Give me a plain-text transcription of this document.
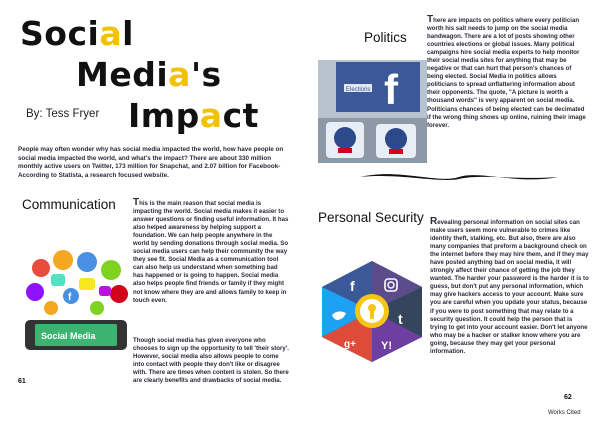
Social
Media's
Impact
By: Tess Fryer

People may often wonder why has social media impacted the world, how have people on social media impacted the world, and what's the impact? There are about 330 million monthly active users on Twitter, 173 million for Snapchat, and 2.07 billion for Facebook- According to Statista, a research focused website.

Communication This is the main reason that social media is impacting the world. Social media makes it easier to answer questions or finding useful information. It has also helped awareness by helping support a foundation. We can help people anywhere in the world by sending donations through social media. So social media users can help their community the way they see fit. Social Media as a communication tool can also help us understand when something bad has happened or is going to happen. Social media also helps people find friends or family if they might not know where they are and allows family to keep in touch even.

Though social media has given everyone who chooses to sign up the opportunity to tell 'their story'. However, social media also allows people to come into contact with people they don't like or disagree with. There are times when content is stolen. So there are clearly benefits and drawbacks of social media.

f
Social Media
61
Politics
f
Elections

There are impacts on politics where every politician worth his salt needs to jump on the social media bandwagon. There are a lot of posts showing other countries elections or global issues. Many political campaigns hire social media experts to help monitor their social media sites for anything that may be negative or that can hurt that person's chances of being elected. Social Media in politics allows politicians to spread unflattering information about their opponents. The quote, "A picture is worth a thousand words" is very apparent on social media. Politicians chances of being elected can be decimated if the wrong thing shows up online, ruining their image forever.

Personal Security
f
t
Y!
g+

Revealing personal information on social sites can make users seem more vulnerable to crimes like identity theft, stalking, etc. But also, there are also many companies that preform a background check on the internet before they may hire them, and if they may have posted anything bad on social media, it will strongly affect their chance of getting the job they wanted. The harder your password is the harder it is to guess, but don't put any personal information, which may give hackers access to your account. Make sure you are careful when you update your status, because if you were to post something that may relate to a security question. It could help the person that is trying to get into your account easier. Don't let anyone who may be a hacker or stalker know where you are going, because they may get your personal information.

62
Works Cited
